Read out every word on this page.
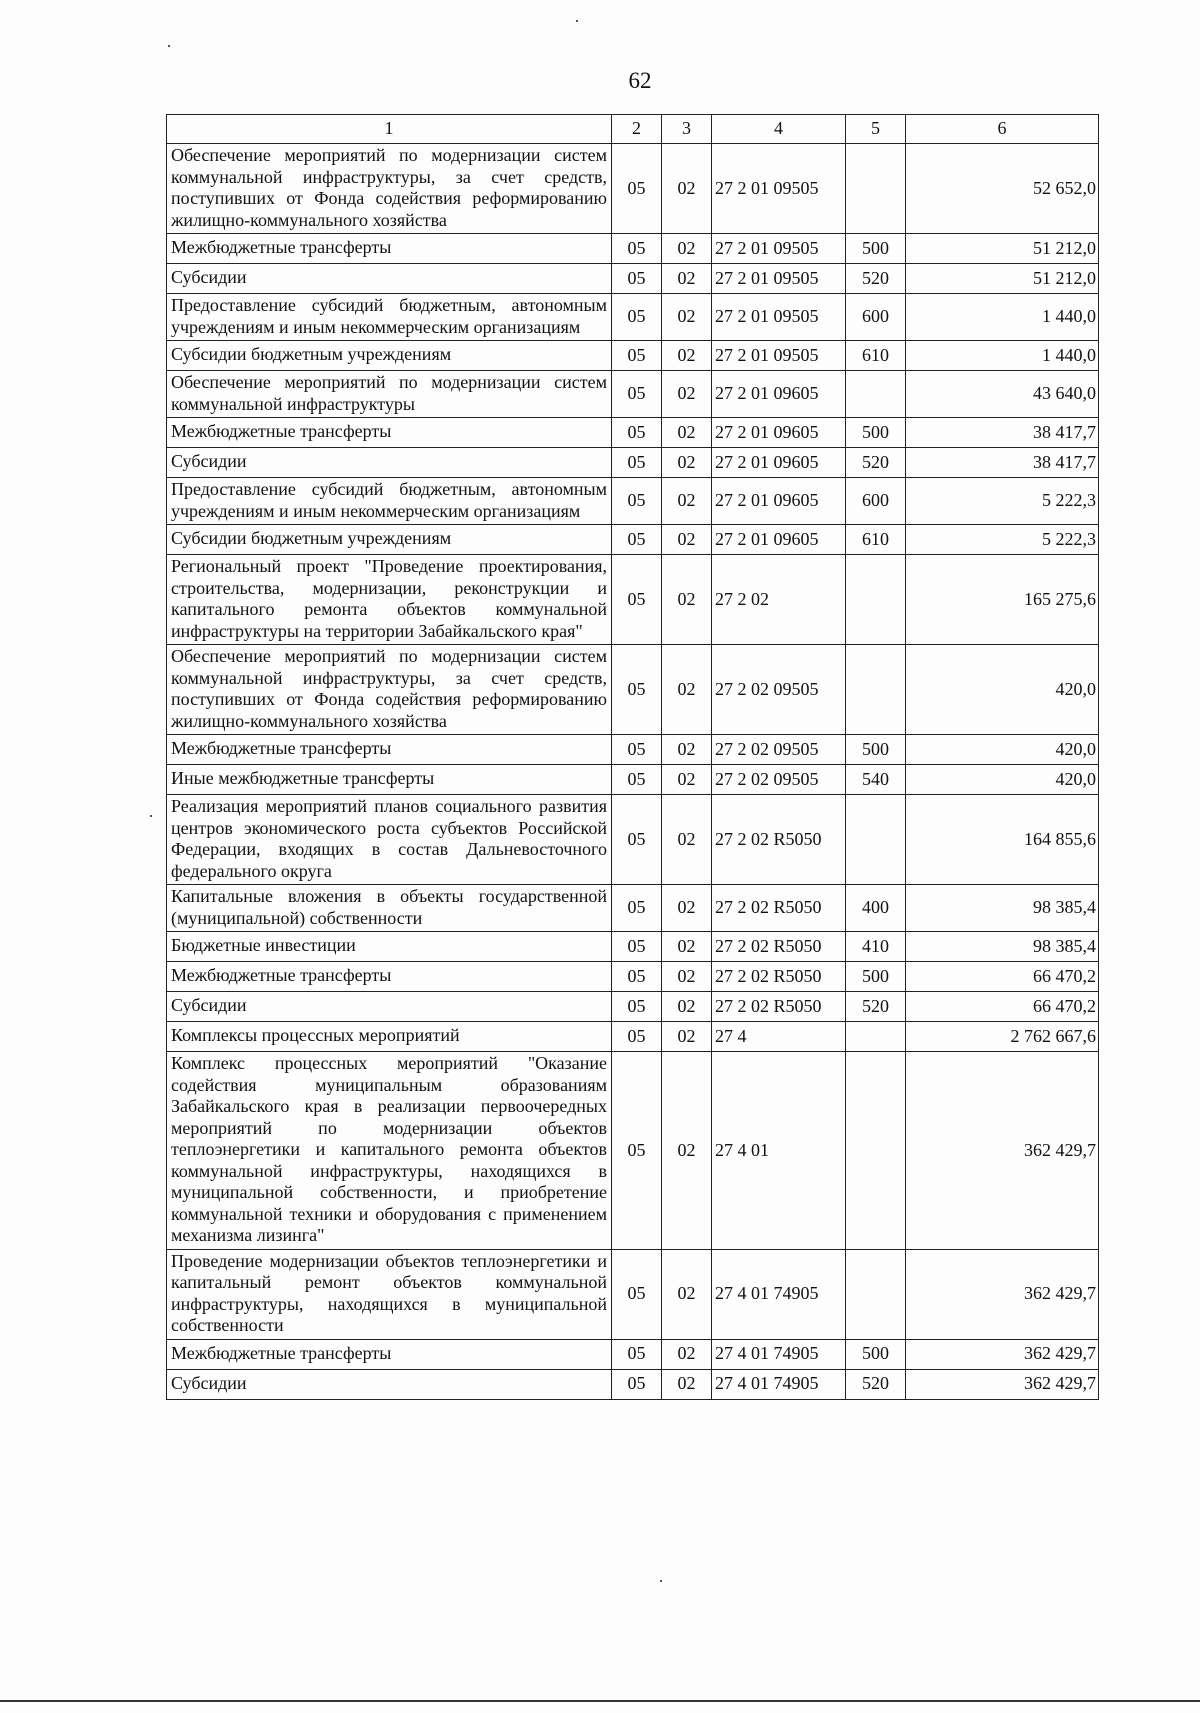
62
1	2	3	4	5	6
Обеспечение мероприятий по модернизации систем коммунальной инфраструктуры, за счет средств, поступивших от Фонда содействия реформированию жилищно-коммунального хозяйства	05	02	27 2 01 09505		52 652,0
Межбюджетные трансферты	05	02	27 2 01 09505	500	51 212,0
Субсидии	05	02	27 2 01 09505	520	51 212,0
Предоставление субсидий бюджетным, автономным учреждениям и иным некоммерческим организациям	05	02	27 2 01 09505	600	1 440,0
Субсидии бюджетным учреждениям	05	02	27 2 01 09505	610	1 440,0
Обеспечение мероприятий по модернизации систем коммунальной инфраструктуры	05	02	27 2 01 09605		43 640,0
Межбюджетные трансферты	05	02	27 2 01 09605	500	38 417,7
Субсидии	05	02	27 2 01 09605	520	38 417,7
Предоставление субсидий бюджетным, автономным учреждениям и иным некоммерческим организациям	05	02	27 2 01 09605	600	5 222,3
Субсидии бюджетным учреждениям	05	02	27 2 01 09605	610	5 222,3
Региональный проект "Проведение проектирования, строительства, модернизации, реконструкции и капитального ремонта объектов коммунальной инфраструктуры на территории Забайкальского края"	05	02	27 2 02		165 275,6
Обеспечение мероприятий по модернизации систем коммунальной инфраструктуры, за счет средств, поступивших от Фонда содействия реформированию жилищно-коммунального хозяйства	05	02	27 2 02 09505		420,0
Межбюджетные трансферты	05	02	27 2 02 09505	500	420,0
Иные межбюджетные трансферты	05	02	27 2 02 09505	540	420,0
Реализация мероприятий планов социального развития центров экономического роста субъектов Российской Федерации, входящих в состав Дальневосточного федерального округа	05	02	27 2 02 R5050		164 855,6
Капитальные вложения в объекты государственной (муниципальной) собственности	05	02	27 2 02 R5050	400	98 385,4
Бюджетные инвестиции	05	02	27 2 02 R5050	410	98 385,4
Межбюджетные трансферты	05	02	27 2 02 R5050	500	66 470,2
Субсидии	05	02	27 2 02 R5050	520	66 470,2
Комплексы процессных мероприятий	05	02	27 4		2 762 667,6
Комплекс процессных мероприятий "Оказание содействия муниципальным образованиям Забайкальского края в реализации первоочередных мероприятий по модернизации объектов теплоэнергетики и капитального ремонта объектов коммунальной инфраструктуры, находящихся в муниципальной собственности, и приобретение коммунальной техники и оборудования с применением механизма лизинга"	05	02	27 4 01		362 429,7
Проведение модернизации объектов теплоэнергетики и капитальный ремонт объектов коммунальной инфраструктуры, находящихся в муниципальной собственности	05	02	27 4 01 74905		362 429,7
Межбюджетные трансферты	05	02	27 4 01 74905	500	362 429,7
Субсидии	05	02	27 4 01 74905	520	362 429,7
